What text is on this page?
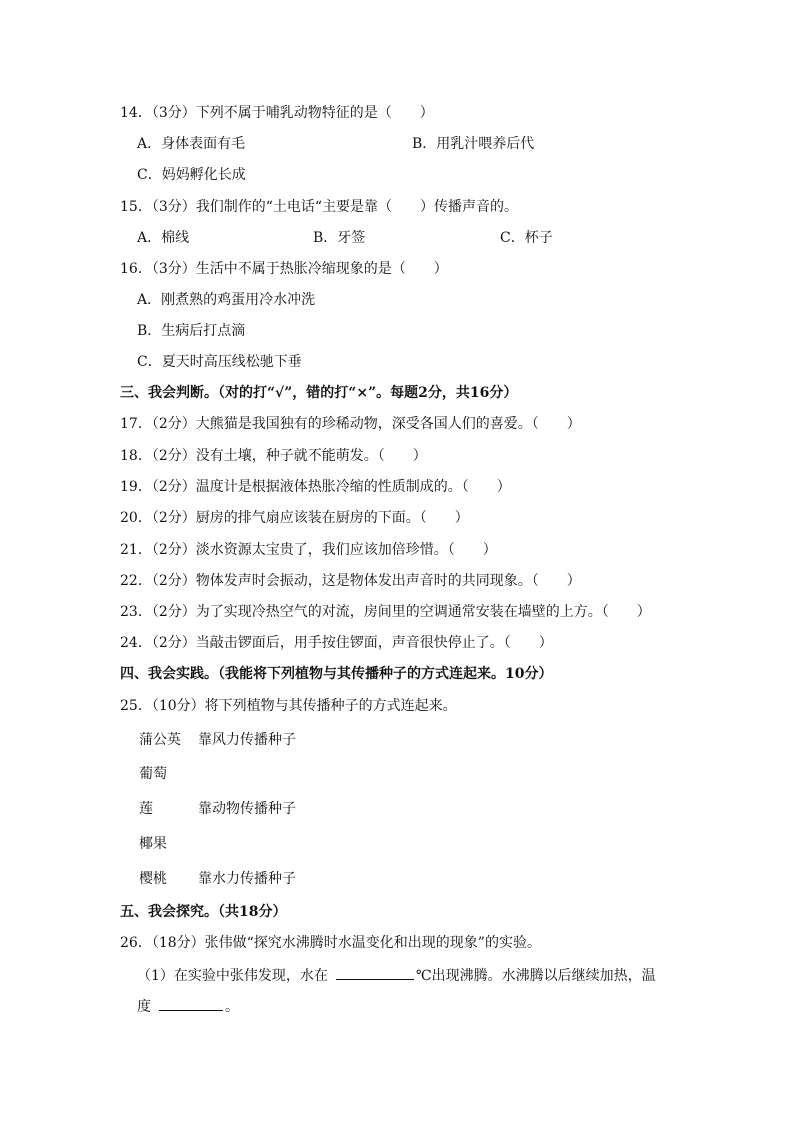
14．（3分）下列不属于哺乳动物特征的是（　　）
A．身体表面有毛	B．用乳汁喂养后代
C．妈妈孵化长成
15．（3分）我们制作的“土电话“主要是靠（　　）传播声音的。
A．棉线	B．牙签	C．杯子
16．（3分）生活中不属于热胀冷缩现象的是（　　）
A．刚煮熟的鸡蛋用冷水冲洗
B．生病后打点滴
C．夏天时高压线松驰下垂
三、我会判断。（对的打“√”，错的打“×”。每题2分，共16分）
17．（2分）大熊猫是我国独有的珍稀动物，深受各国人们的喜爱。（　　）
18．（2分）没有土壤，种子就不能萌发。（　　）
19．（2分）温度计是根据液体热胀冷缩的性质制成的。（　　）
20．（2分）厨房的排气扇应该装在厨房的下面。（　　）
21．（2分）淡水资源太宝贵了，我们应该加倍珍惜。（　　）
22．（2分）物体发声时会振动，这是物体发出声音时的共同现象。（　　）
23．（2分）为了实现冷热空气的对流，房间里的空调通常安装在墙壁的上方。（　　）
24．（2分）当敲击锣面后，用手按住锣面，声音很快停止了。（　　）
四、我会实践。（我能将下列植物与其传播种子的方式连起来。10分）
25．（10分）将下列植物与其传播种子的方式连起来。
蒲公英 靠风力传播种子
葡萄
莲	靠动物传播种子
椰果
樱桃 靠水力传播种子
五、我会探究。（共18分）
26．（18分）张伟做“探究水沸腾时水温变化和出现的现象”的实验。
（1）在实验中张伟发现，水在	℃出现沸腾。水沸腾以后继续加热，温
度	。
